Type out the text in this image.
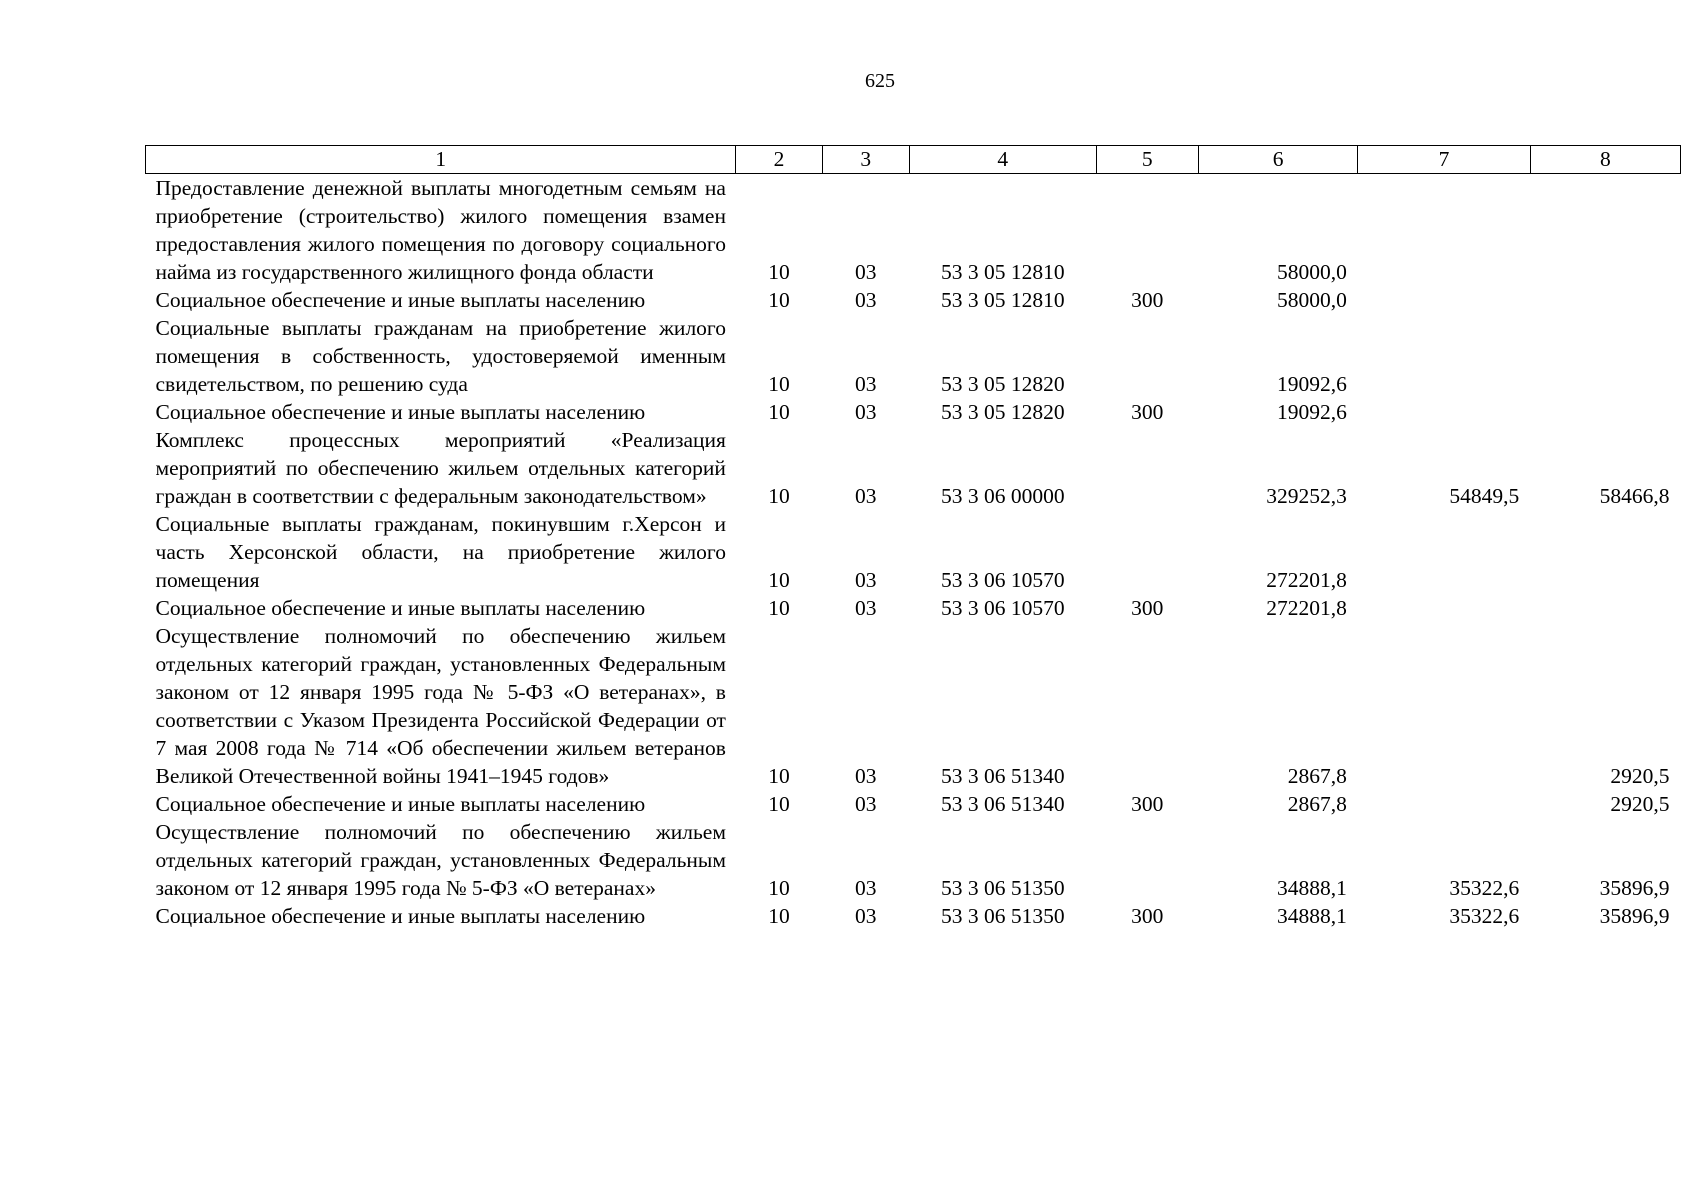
625
1	2	3	4	5	6	7	8
Предоставление денежной выплаты многодетным семьям на приобретение (строительство) жилого помещения взамен предоставления жилого помещения по договору социального найма из государственного жилищного фонда области	10	03	53 3 05 12810		58000,0		
Социальное обеспечение и иные выплаты населению	10	03	53 3 05 12810	300	58000,0		
Социальные выплаты гражданам на приобретение жилого помещения в собственность, удостоверяемой именным свидетельством, по решению суда	10	03	53 3 05 12820		19092,6		
Социальное обеспечение и иные выплаты населению	10	03	53 3 05 12820	300	19092,6		
Комплекс процессных мероприятий «Реализация мероприятий по обеспечению жильем отдельных категорий граждан в соответствии с федеральным законодательством»	10	03	53 3 06 00000		329252,3	54849,5	58466,8
Социальные выплаты гражданам, покинувшим г.Херсон и часть Херсонской области, на приобретение жилого помещения	10	03	53 3 06 10570		272201,8		
Социальное обеспечение и иные выплаты населению	10	03	53 3 06 10570	300	272201,8		
Осуществление полномочий по обеспечению жильем отдельных категорий граждан, установленных Федеральным законом от 12 января 1995 года № 5-ФЗ «О ветеранах», в соответствии с Указом Президента Российской Федерации от 7 мая 2008 года № 714 «Об обеспечении жильем ветеранов Великой Отечественной войны 1941–1945 годов»	10	03	53 3 06 51340		2867,8		2920,5
Социальное обеспечение и иные выплаты населению	10	03	53 3 06 51340	300	2867,8		2920,5
Осуществление полномочий по обеспечению жильем отдельных категорий граждан, установленных Федеральным законом от 12 января 1995 года № 5-ФЗ «О ветеранах»	10	03	53 3 06 51350		34888,1	35322,6	35896,9
Социальное обеспечение и иные выплаты населению	10	03	53 3 06 51350	300	34888,1	35322,6	35896,9
